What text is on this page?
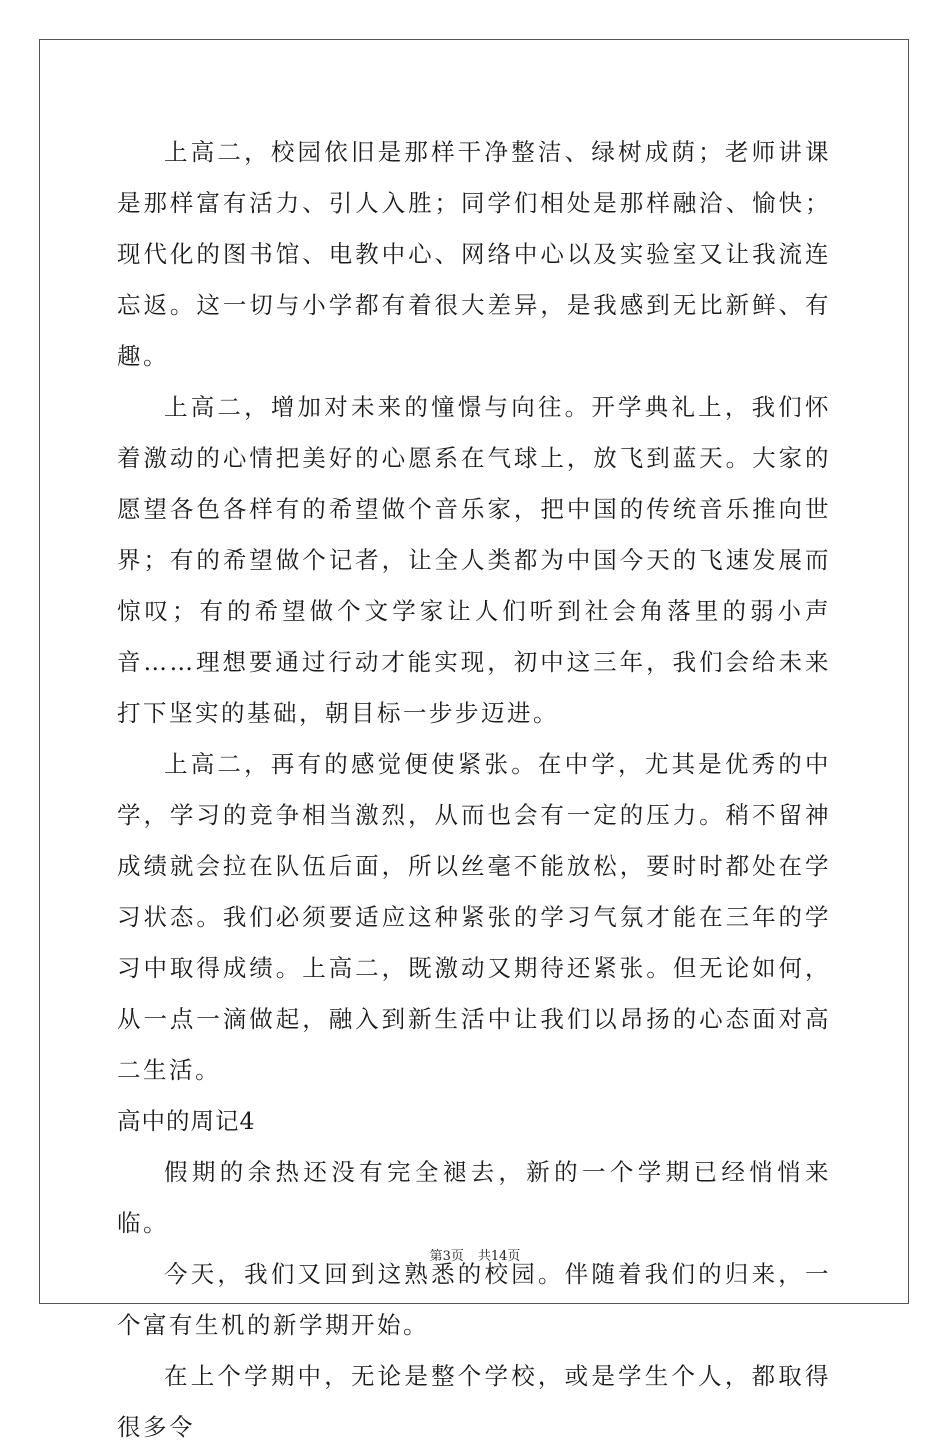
上高二，校园依旧是那样干净整洁、绿树成荫；老师讲课是那样富有活力、引人入胜；同学们相处是那样融洽、愉快；现代化的图书馆、电教中心、网络中心以及实验室又让我流连忘返。这一切与小学都有着很大差异，是我感到无比新鲜、有趣。

上高二，增加对未来的憧憬与向往。开学典礼上，我们怀着激动的心情把美好的心愿系在气球上，放飞到蓝天。大家的愿望各色各样有的希望做个音乐家，把中国的传统音乐推向世界；有的希望做个记者，让全人类都为中国今天的飞速发展而惊叹；有的希望做个文学家让人们听到社会角落里的弱小声音……理想要通过行动才能实现，初中这三年，我们会给未来打下坚实的基础，朝目标一步步迈进。

上高二，再有的感觉便使紧张。在中学，尤其是优秀的中学，学习的竞争相当激烈，从而也会有一定的压力。稍不留神成绩就会拉在队伍后面，所以丝毫不能放松，要时时都处在学习状态。我们必须要适应这种紧张的学习气氛才能在三年的学习中取得成绩。上高二，既激动又期待还紧张。但无论如何，从一点一滴做起，融入到新生活中让我们以昂扬的心态面对高二生活。

高中的周记4

假期的余热还没有完全褪去，新的一个学期已经悄悄来临。

今天，我们又回到这熟悉的校园。伴随着我们的归来，一个富有生机的新学期开始。

在上个学期中，无论是整个学校，或是学生个人，都取得很多令

第3页 共14页
